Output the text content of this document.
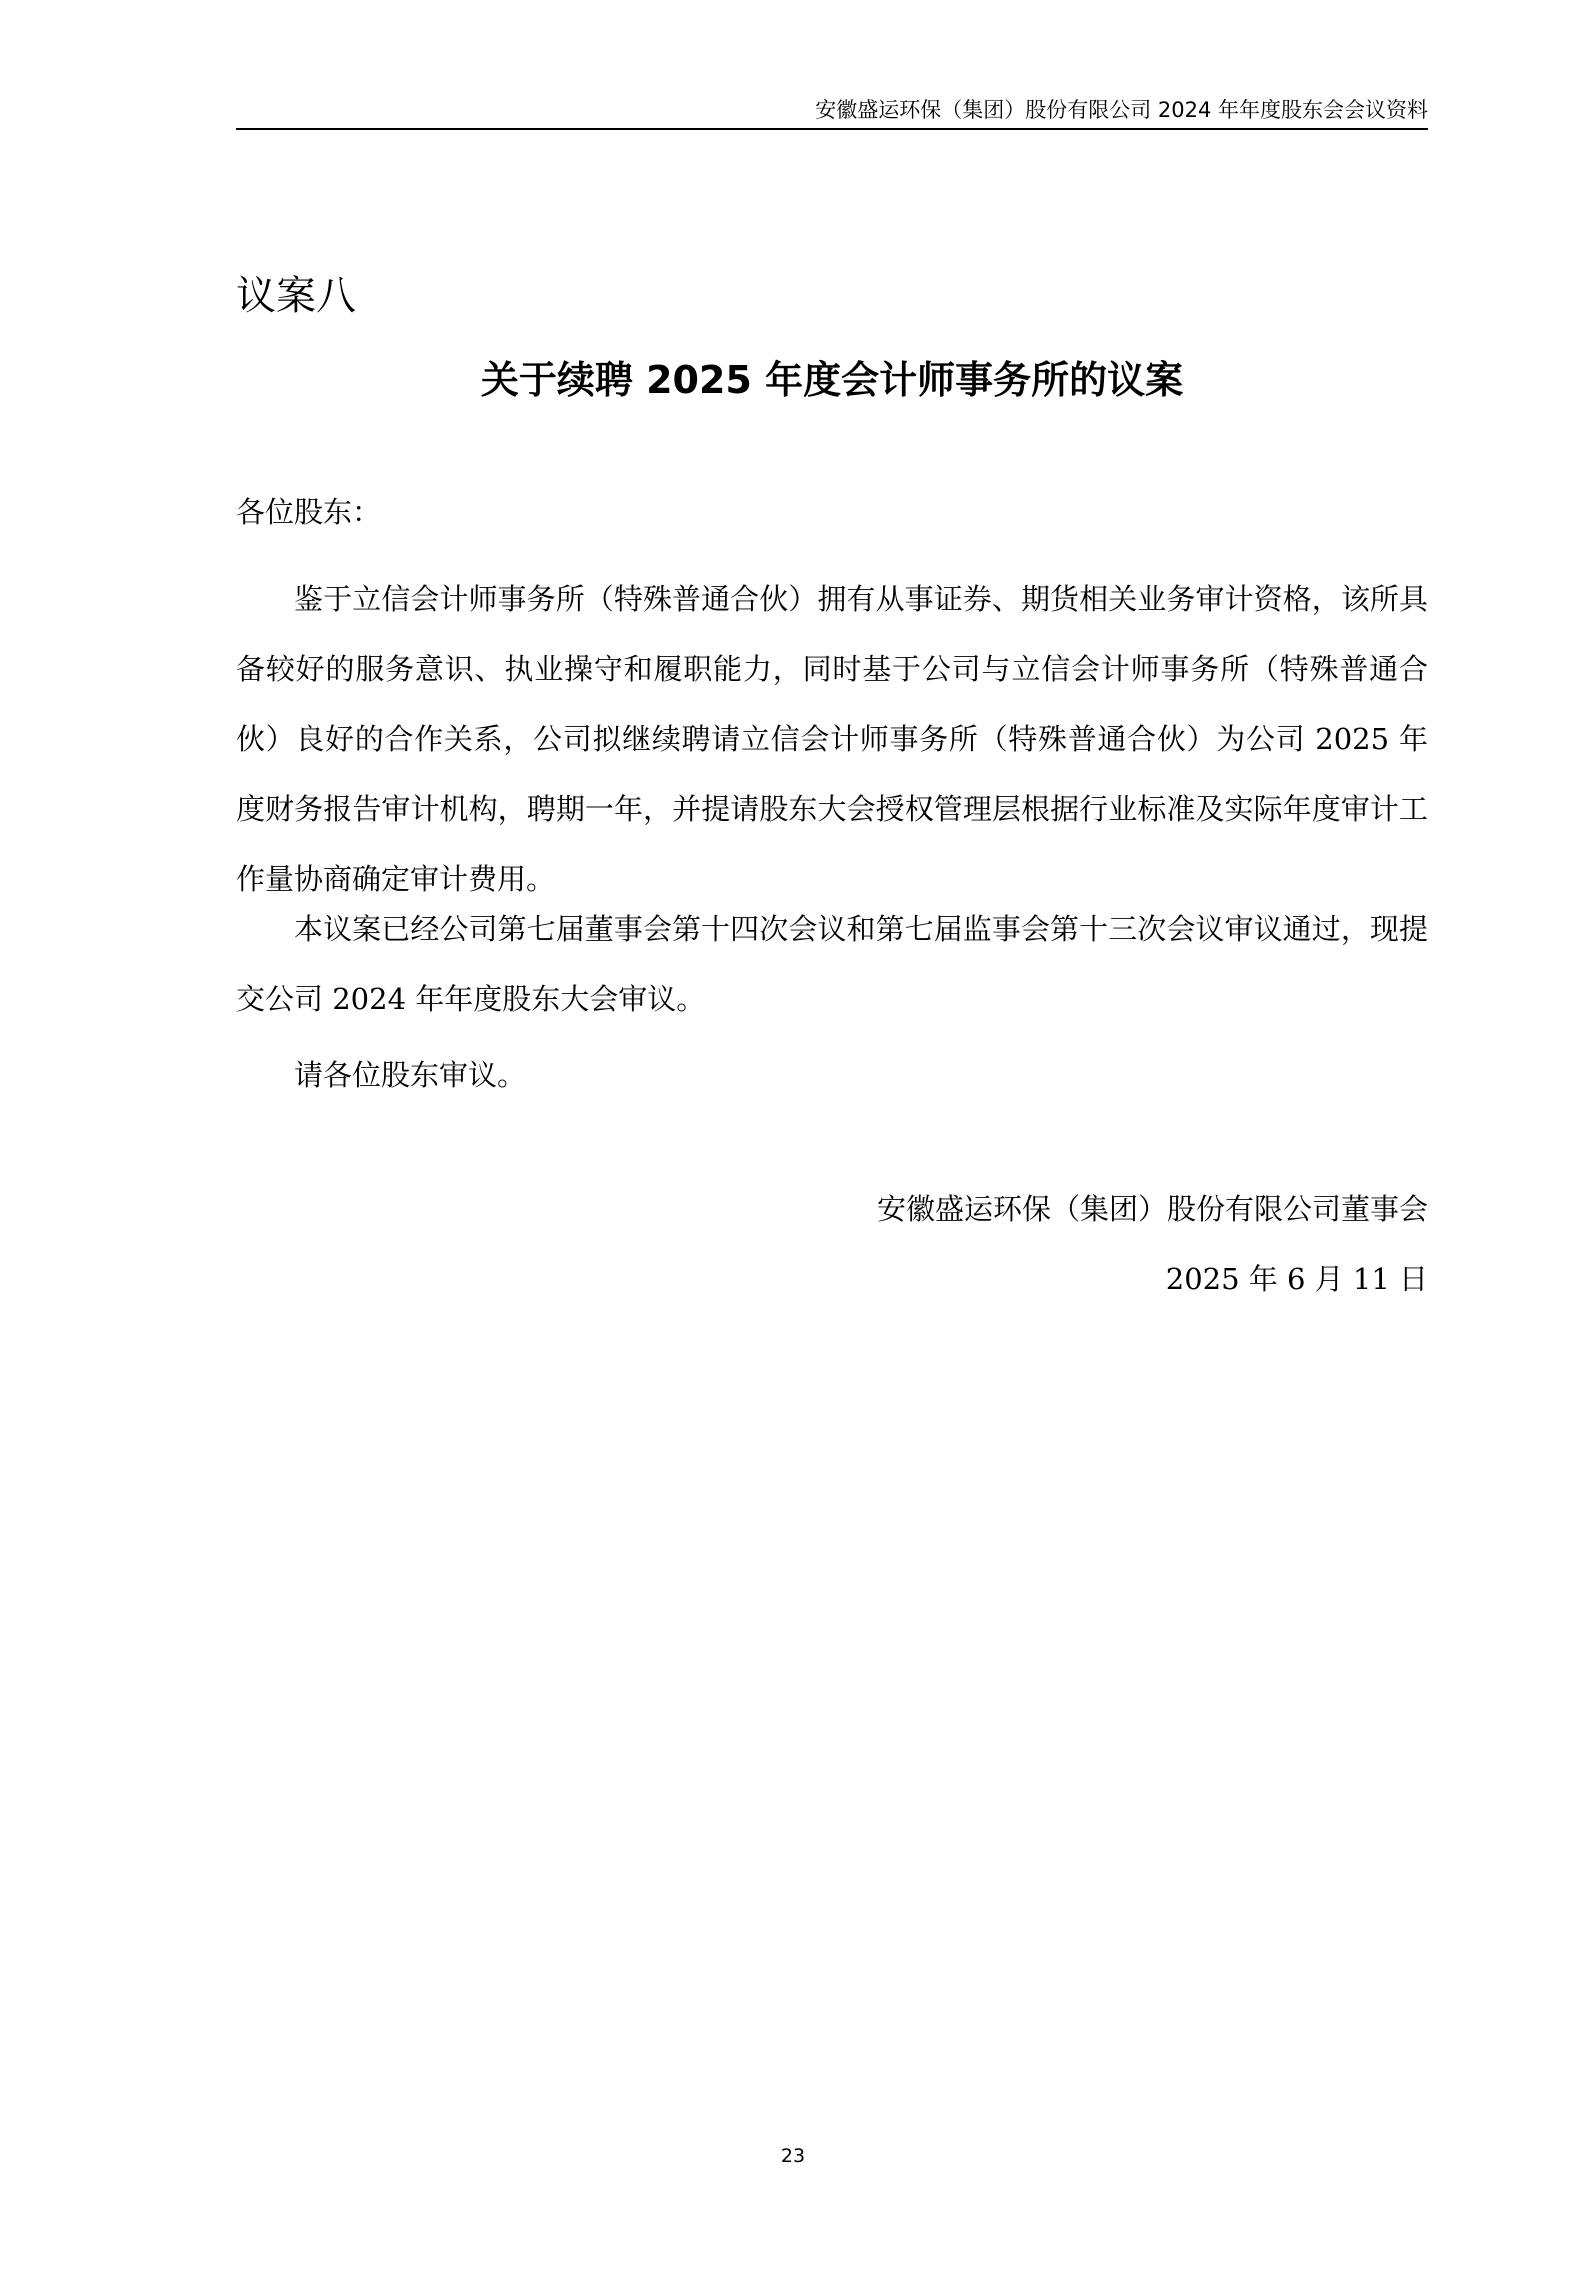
安徽盛运环保（集团）股份有限公司 2024 年年度股东会会议资料
议案八
关于续聘 2025 年度会计师事务所的议案
各位股东：

鉴于立信会计师事务所（特殊普通合伙）拥有从事证券、期货相关业务审计资格，该所具备较好的服务意识、执业操守和履职能力，同时基于公司与立信会计师事务所（特殊普通合伙）良好的合作关系，公司拟继续聘请立信会计师事务所（特殊普通合伙）为公司 2025 年度财务报告审计机构，聘期一年，并提请股东大会授权管理层根据行业标准及实际年度审计工作量协商确定审计费用。

本议案已经公司第七届董事会第十四次会议和第七届监事会第十三次会议审议通过，现提交公司 2024 年年度股东大会审议。

请各位股东审议。

安徽盛运环保（集团）股份有限公司董事会
2025 年 6 月 11 日
23
